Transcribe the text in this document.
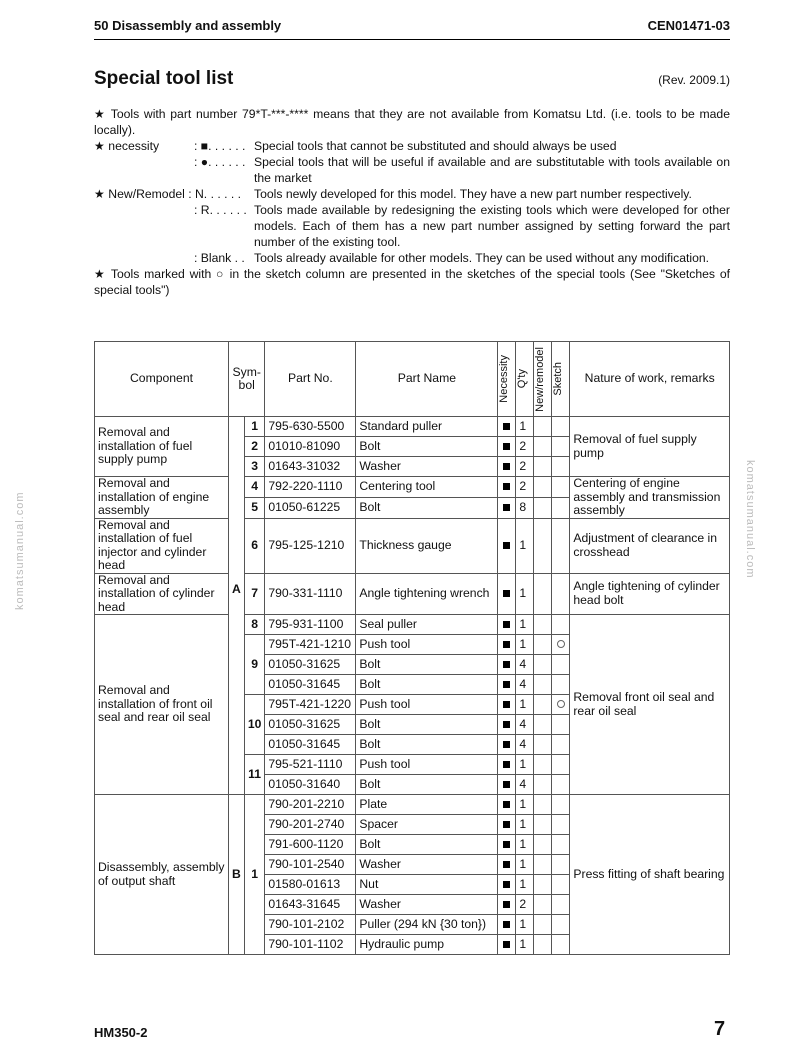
50 Disassembly and assembly	CEN01471-03
Special tool list	(Rev. 2009.1)
★ Tools with part number 79*T-***-**** means that they are not available from Komatsu Ltd. (i.e. tools to be made locally).
★ necessity	: ■. . . . . . Special tools that cannot be substituted and should always be used
: ●. . . . . . Special tools that will be useful if available and are substitutable with tools available on the market
★ New/Remodel : N. . . . . .	Tools newly developed for this model. They have a new part number respectively.
: R. . . . . . Tools made available by redesigning the existing tools which were developed for other models. Each of them has a new part number assigned by setting forward the part number of the existing tool.
: Blank . . Tools already available for other models. They can be used without any modification.
★ Tools marked with ○ in the sketch column are presented in the sketches of the special tools (See "Sketches of special tools")
komatsumanual.com	komatsumanual.com
Component	Sym-bol		Part No.	Part Name	Necessity	Q'ty	New/remodel	Sketch	Nature of work, remarks
Removal and installation of fuel supply pump	A	1	795-630-5500	Standard puller		1			Removal of fuel supply pump
		2	01010-81090	Bolt		2			
		3	01643-31032	Washer		2			
Removal and installation of engine assembly		4	792-220-1110	Centering tool		2			Centering of engine assembly and transmission assembly
		5	01050-61225	Bolt		8			
Removal and installation of fuel injector and cylinder head		6	795-125-1210	Thickness gauge		1			Adjustment of clearance in crosshead
Removal and installation of cylinder head		7	790-331-1110	Angle tightening wrench		1			Angle tightening of cylinder head bolt
Removal and installation of front oil seal and rear oil seal		8	795-931-1100	Seal puller		1			Removal front oil seal and rear oil seal
		9	795T-421-1210	Push tool		1			
			01050-31625	Bolt		4			
			01050-31645	Bolt		4			
		10	795T-421-1220	Push tool		1			
			01050-31625	Bolt		4			
			01050-31645	Bolt		4			
		11	795-521-1110	Push tool		1			
			01050-31640	Bolt		4			
Disassembly, assembly of output shaft	B	1	790-201-2210	Plate		1			Press fitting of shaft bearing
			790-201-2740	Spacer		1			
			791-600-1120	Bolt		1			
			790-101-2540	Washer		1			
			01580-01613	Nut		1			
			01643-31645	Washer		2			
			790-101-2102	Puller (294 kN {30 ton})		1			
			790-101-1102	Hydraulic pump		1			
HM350-2	7
